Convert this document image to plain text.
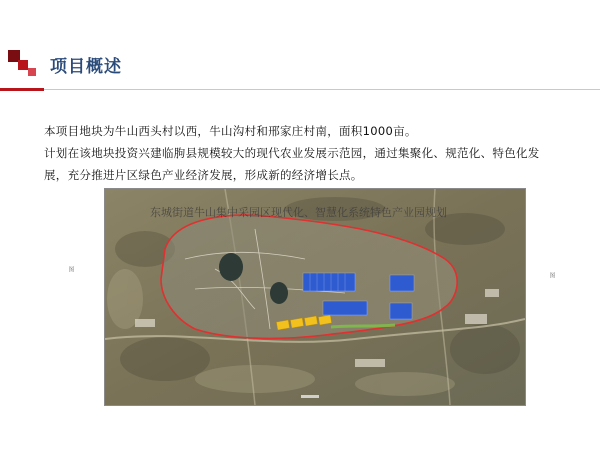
项目概述

本项目地块为牛山西头村以西，牛山沟村和邢家庄村南，面积1000亩。

计划在该地块投资兴建临朐县规模较大的现代农业发展示范园，通过集聚化、规范化、特色化发

展，充分推进片区绿色产业经济发展，形成新的经济增长点。

东城街道牛山集中采园区现代化、智慧化系统特色产业园规划
图
图
